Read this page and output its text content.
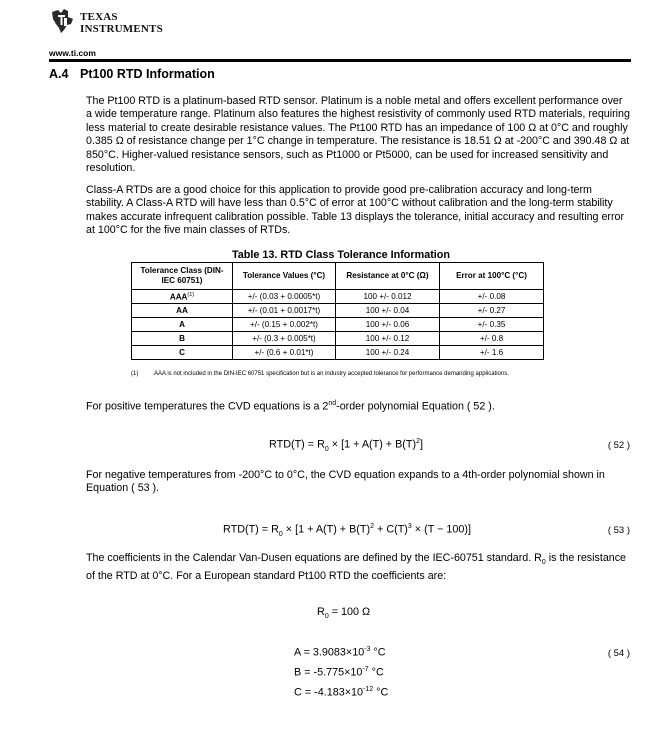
TEXAS
INSTRUMENTS
www.ti.com
A.4 Pt100 RTD Information

The Pt100 RTD is a platinum-based RTD sensor. Platinum is a noble metal and offers excellent performance over a wide temperature range. Platinum also features the highest resistivity of commonly used RTD materials, requiring less material to create desirable resistance values. The Pt100 RTD has an impedance of 100 Ω at 0°C and roughly 0.385 Ω of resistance change per 1°C change in temperature. The resistance is 18.51 Ω at -200°C and 390.48 Ω at 850°C. Higher-valued resistance sensors, such as Pt1000 or Pt5000, can be used for increased sensitivity and resolution.

Class-A RTDs are a good choice for this application to provide good pre-calibration accuracy and long-term stability. A Class-A RTD will have less than 0.5°C of error at 100°C without calibration and the long-term stability makes accurate infrequent calibration possible. Table 13 displays the tolerance, initial accuracy and resulting error at 100°C for the five main classes of RTDs.

Table 13. RTD Class Tolerance Information
Tolerance Class (DIN-IEC 60751)	Tolerance Values (°C)	Resistance at 0°C (Ω)	Error at 100°C (°C)
$AAA^{(1)}$	+/- (0.03 + 0.0005*t)	100 +/- 0.012	+/- 0.08
AA	+/- (0.01 + 0.0017*t)	100 +/- 0.04	+/- 0.27
A	+/- (0.15 + 0.002*t)	100 +/- 0.06	+/- 0.35
B	+/- (0.3 + 0.005*t)	100 +/- 0.12	+/- 0.8
C	+/- (0.6 + 0.01*t)	100 +/- 0.24	+/- 1.6
(1)	AAA is not included in the DIN-IEC 60751 specification but is an industry accepted tolerance for performance demanding applications.

For positive temperatures the CVD equations is a 2nd-order polynomial Equation ( 52 ).

$RTD(T) = R_0 \times [1 + A(T) + B(T)^2]$	( 52 )

For negative temperatures from -200°C to 0°C, the CVD equation expands to a 4th-order polynomial shown in Equation ( 53 ).

$RTD(T) = R_0 \times [1 + A(T) + B(T)^2 + C(T)^3 \times (T - 100)]$	( 53 )

The coefficients in the Calendar Van-Dusen equations are defined by the IEC-60751 standard. $R_0$ is the resistance of the RTD at 0°C. For a European standard Pt100 RTD the coefficients are:

$R_0 = 100$ Ω
$A = 3.9083\times 10^{-3}$ °C	( 54 )
$B = -5.775\times 10^{-7}$ °C
$C = -4.183\times 10^{-12}$ °C
